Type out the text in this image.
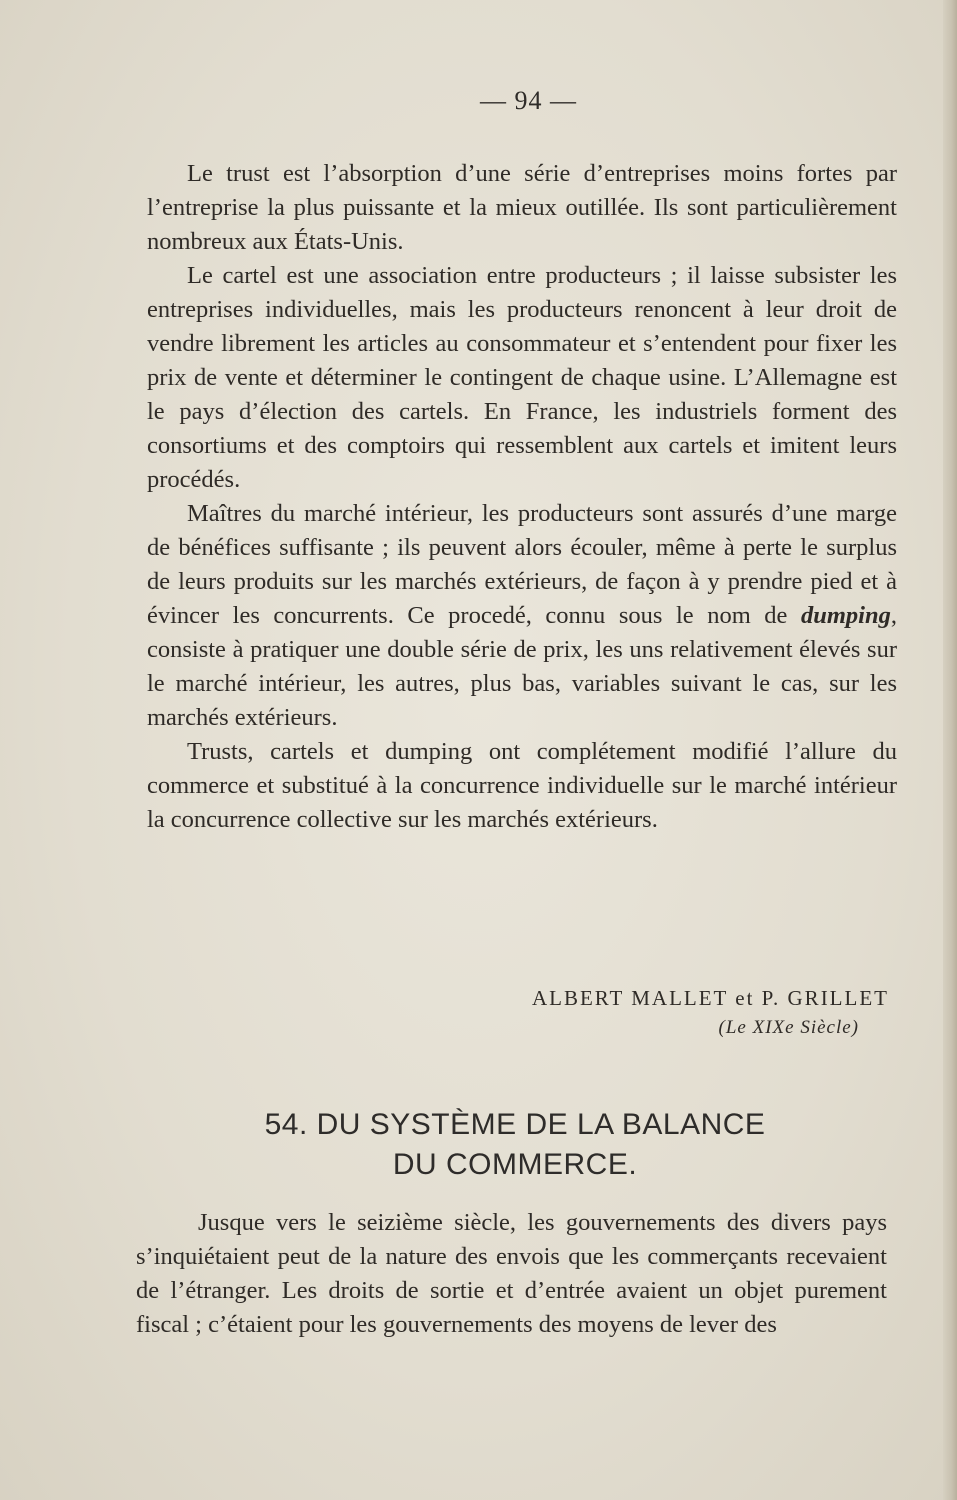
— 94 —

Le trust est l’absorption d’une série d’entreprises moins fortes par l’entreprise la plus puissante et la mieux outillée. Ils sont particulièrement nombreux aux États-Unis.

Le cartel est une association entre producteurs ; il laisse subsister les entreprises individuelles, mais les producteurs renoncent à leur droit de vendre librement les articles au consommateur et s’entendent pour fixer les prix de vente et déterminer le contingent de chaque usine. L’Allemagne est le pays d’élection des cartels. En France, les industriels forment des consortiums et des comptoirs qui ressemblent aux cartels et imitent leurs procédés.

Maîtres du marché intérieur, les producteurs sont assurés d’une marge de bénéfices suffisante ; ils peuvent alors écouler, même à perte le surplus de leurs produits sur les marchés extérieurs, de façon à y prendre pied et à évincer les concurrents. Ce procedé, connu sous le nom de dumping, consiste à pratiquer une double série de prix, les uns relativement élevés sur le marché intérieur, les autres, plus bas, variables suivant le cas, sur les marchés extérieurs.

Trusts, cartels et dumping ont complétement modifié l’allure du commerce et substitué à la concurrence individuelle sur le marché intérieur la concurrence collective sur les marchés extérieurs.

ALBERT MALLET et P. GRILLET
(Le XIXe Siècle)
54. DU SYSTÈME DE LA BALANCE
DU COMMERCE.

Jusque vers le seizième siècle, les gouvernements des divers pays s’inquiétaient peut de la nature des envois que les commerçants recevaient de l’étranger. Les droits de sortie et d’entrée avaient un objet purement fiscal ; c’étaient pour les gouvernements des moyens de lever des
